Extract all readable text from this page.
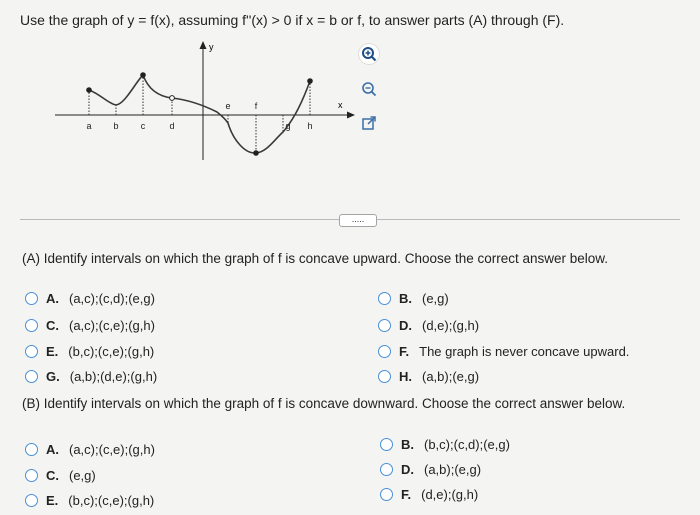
Use the graph of y = f(x), assuming f''(x) > 0 if x = b or f, to answer parts (A) through (F).
y
x
a b c	d
e	f
g h
.....
(A) Identify intervals on which the graph of f is concave upward. Choose the correct answer below.
A. (a,c);(c,d);(e,g)	B. (e,g)
C. (a,c);(c,e);(g,h)	D. (d,e);(g,h)
E. (b,c);(c,e);(g,h)	F. The graph is never concave upward.
G. (a,b);(d,e);(g,h)	H. (a,b);(e,g)
(B) Identify intervals on which the graph of f is concave downward. Choose the correct answer below.
A. (a,c);(c,e);(g,h)	B. (b,c);(c,d);(e,g)
C. (e,g)	D. (a,b);(e,g)
E. (b,c);(c,e);(g,h)	F. (d,e);(g,h)
